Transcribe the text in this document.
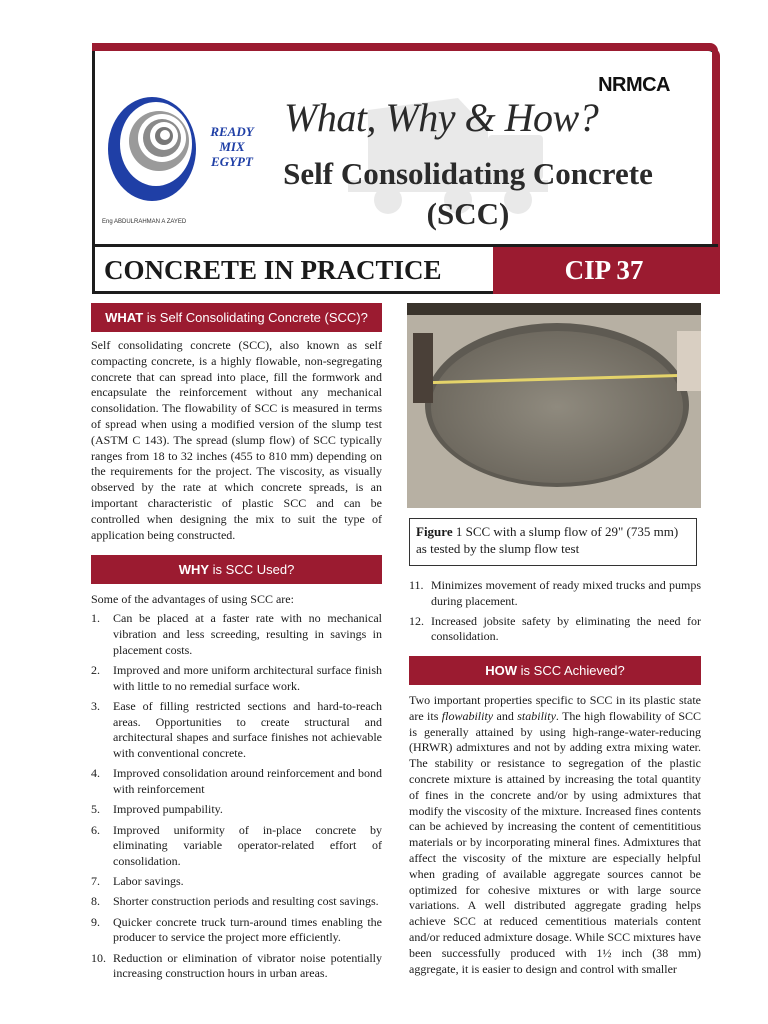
READY
MIX
EGYPT
Eng ABDULRAHMAN A ZAYED
NRMCA
What, Why & How?
Self Consolidating Concrete
(SCC)
CONCRETE IN PRACTICE	CIP 37
WHAT is Self Consolidating Concrete (SCC)?
Self consolidating concrete (SCC), also known as self compacting concrete, is a highly flowable, non-segregating concrete that can spread into place, fill the formwork and encapsulate the reinforcement without any mechanical consolidation. The flowability of SCC is measured in terms of spread when using a modified version of the slump test (ASTM C 143). The spread (slump flow) of SCC typically ranges from 18 to 32 inches (455 to 810 mm) depending on the requirements for the project. The viscosity, as visually observed by the rate at which concrete spreads, is an important characteristic of plastic SCC and can be controlled when designing the mix to suit the type of application being constructed.	Figure 1 SCC with a slump flow of 29" (735 mm) as tested by the slump flow test
WHY is SCC Used?
Some of the advantages of using SCC are:
1. Can be placed at a faster rate with no mechanical vibration and less screeding, resulting in savings in placement costs.
2. Improved and more uniform architectural surface finish with little to no remedial surface work.
3. Ease of filling restricted sections and hard-to-reach areas. Opportunities to create structural and architectural shapes and surface finishes not achievable with conventional concrete.
4. Improved consolidation around reinforcement and bond with reinforcement
5. Improved pumpability.
6. Improved uniformity of in-place concrete by eliminating variable operator-related effort of consolidation.
7. Labor savings.
8. Shorter construction periods and resulting cost savings.
9. Quicker concrete truck turn-around times enabling the producer to service the project more efficiently.
10. Reduction or elimination of vibrator noise potentially increasing construction hours in urban areas.
11. Minimizes movement of ready mixed trucks and pumps during placement.
12. Increased jobsite safety by eliminating the need for consolidation.
HOW is SCC Achieved?
Two important properties specific to SCC in its plastic state are its flowability and stability. The high flowability of SCC is generally attained by using high-range-water-reducing (HRWR) admixtures and not by adding extra mixing water. The stability or resistance to segregation of the plastic concrete mixture is attained by increasing the total quantity of fines in the concrete and/or by using admixtures that modify the viscosity of the mixture. Increased fines contents can be achieved by increasing the content of cementititious materials or by incorporating mineral fines. Admixtures that affect the viscosity of the mixture are especially helpful when grading of available aggregate sources cannot be optimized for cohesive mixtures or with large source variations. A well distributed aggregate grading helps achieve SCC at reduced cementitious materials content and/or reduced admixture dosage. While SCC mixtures have been successfully produced with 1½ inch (38 mm) aggregate, it is easier to design and control with smaller
